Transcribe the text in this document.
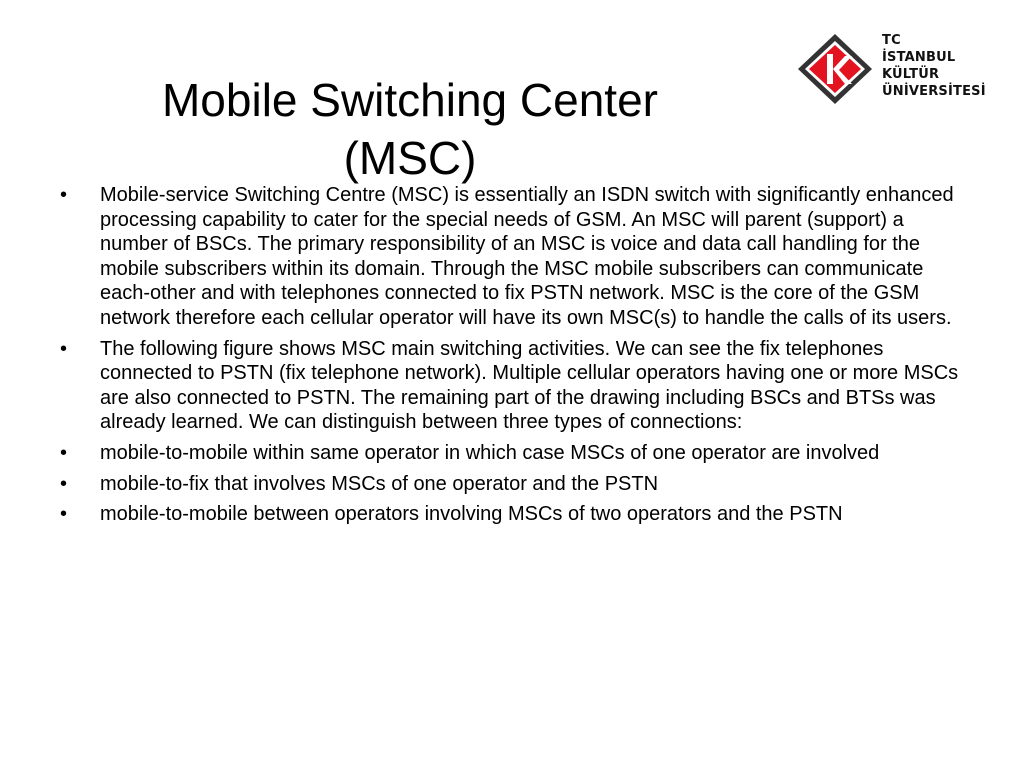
Mobile Switching Center
(MSC)
TC
İSTANBUL
KÜLTÜR
ÜNİVERSİTESİ
•	Mobile-service Switching Centre (MSC) is essentially an ISDN switch with significantly enhanced processing capability to cater for the special needs of GSM. An MSC will parent (support) a number of BSCs. The primary responsibility of an MSC is voice and data call handling for the mobile subscribers within its domain. Through the MSC mobile subscribers can communicate each-other and with telephones connected to fix PSTN network. MSC is the core of the GSM network therefore each cellular operator will have its own MSC(s) to handle the calls of its users.
•	The following figure shows MSC main switching activities. We can see the fix telephones connected to PSTN (fix telephone network). Multiple cellular operators having one or more MSCs are also connected to PSTN. The remaining part of the drawing including BSCs and BTSs was already learned. We can distinguish between three types of connections:
•	mobile-to-mobile within same operator in which case MSCs of one operator are involved
•	mobile-to-fix that involves MSCs of one operator and the PSTN
•	mobile-to-mobile between operators involving MSCs of two operators and the PSTN
